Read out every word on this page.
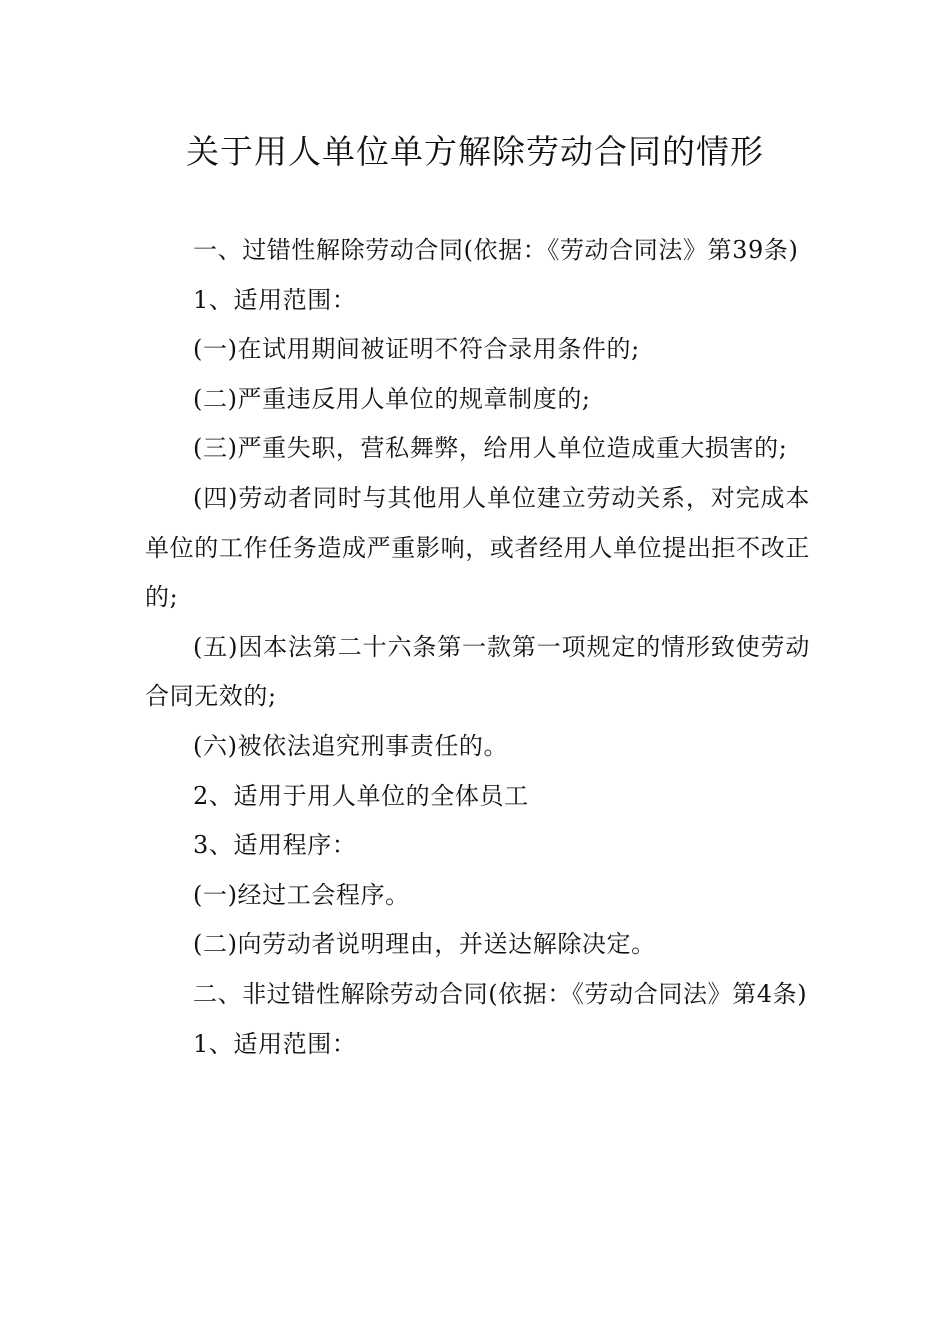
关于用人单位单方解除劳动合同的情形

一、过错性解除劳动合同(依据：《劳动合同法》第39条)

1、适用范围：

(一)在试用期间被证明不符合录用条件的;

(二)严重违反用人单位的规章制度的;

(三)严重失职，营私舞弊，给用人单位造成重大损害的;

(四)劳动者同时与其他用人单位建立劳动关系，对完成本单位的工作任务造成严重影响，或者经用人单位提出拒不改正的;

(五)因本法第二十六条第一款第一项规定的情形致使劳动合同无效的;

(六)被依法追究刑事责任的。

2、适用于用人单位的全体员工

3、适用程序：

(一)经过工会程序。

(二)向劳动者说明理由，并送达解除决定。

二、非过错性解除劳动合同(依据：《劳动合同法》第4条)

1、适用范围：
